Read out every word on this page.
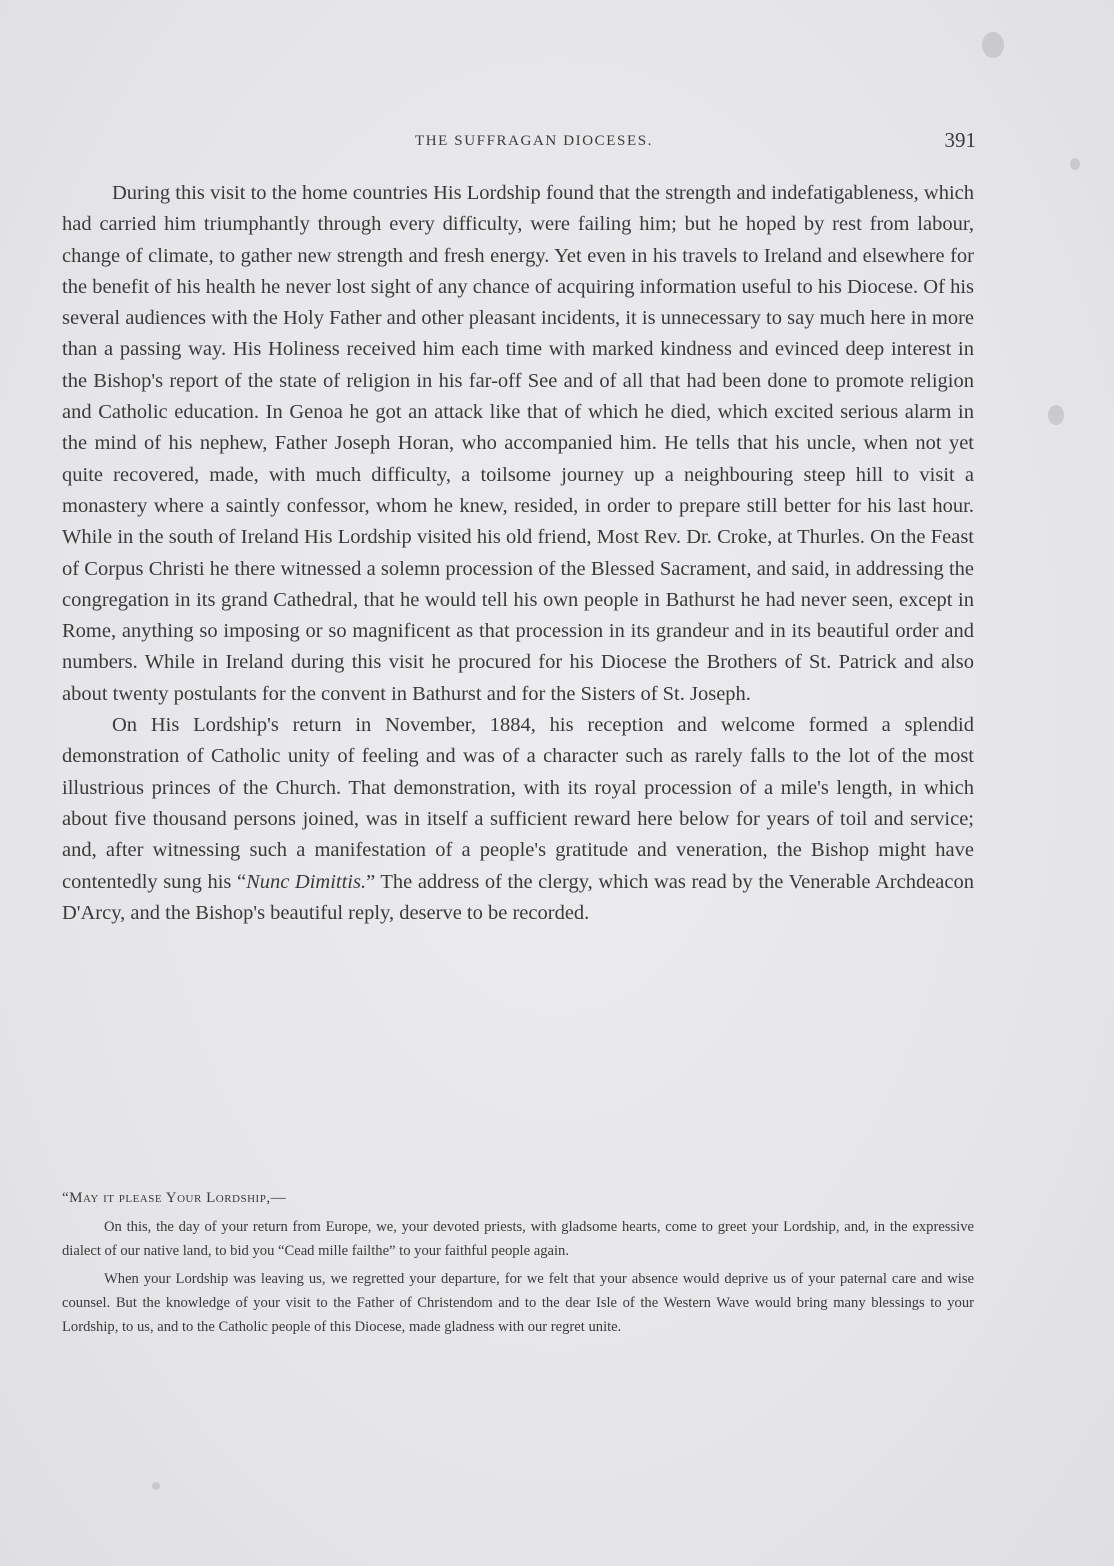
THE SUFFRAGAN DIOCESES.	391

During this visit to the home countries His Lordship found that the strength and indefatigableness, which had carried him triumphantly through every difficulty, were failing him; but he hoped by rest from labour, change of climate, to gather new strength and fresh energy. Yet even in his travels to Ireland and elsewhere for the benefit of his health he never lost sight of any chance of acquiring information useful to his Diocese. Of his several audiences with the Holy Father and other pleasant incidents, it is unnecessary to say much here in more than a passing way. His Holiness received him each time with marked kindness and evinced deep interest in the Bishop's report of the state of religion in his far-off See and of all that had been done to promote religion and Catholic education. In Genoa he got an attack like that of which he died, which excited serious alarm in the mind of his nephew, Father Joseph Horan, who accompanied him. He tells that his uncle, when not yet quite recovered, made, with much difficulty, a toilsome journey up a neighbouring steep hill to visit a monastery where a saintly confessor, whom he knew, resided, in order to prepare still better for his last hour. While in the south of Ireland His Lordship visited his old friend, Most Rev. Dr. Croke, at Thurles. On the Feast of Corpus Christi he there witnessed a solemn procession of the Blessed Sacrament, and said, in addressing the congregation in its grand Cathedral, that he would tell his own people in Bathurst he had never seen, except in Rome, anything so imposing or so magnificent as that procession in its grandeur and in its beautiful order and numbers. While in Ireland during this visit he procured for his Diocese the Brothers of St. Patrick and also about twenty postulants for the convent in Bathurst and for the Sisters of St. Joseph.

On His Lordship's return in November, 1884, his reception and welcome formed a splendid demonstration of Catholic unity of feeling and was of a character such as rarely falls to the lot of the most illustrious princes of the Church. That demonstration, with its royal procession of a mile's length, in which about five thousand persons joined, was in itself a sufficient reward here below for years of toil and service; and, after witnessing such a manifestation of a people's gratitude and veneration, the Bishop might have contentedly sung his “Nunc Dimittis.” The address of the clergy, which was read by the Venerable Archdeacon D'Arcy, and the Bishop's beautiful reply, deserve to be recorded.

“May it please Your Lordship,—

On this, the day of your return from Europe, we, your devoted priests, with gladsome hearts, come to greet your Lordship, and, in the expressive dialect of our native land, to bid you “Cead mille failthe” to your faithful people again.

When your Lordship was leaving us, we regretted your departure, for we felt that your absence would deprive us of your paternal care and wise counsel. But the knowledge of your visit to the Father of Christendom and to the dear Isle of the Western Wave would bring many blessings to your Lordship, to us, and to the Catholic people of this Diocese, made gladness with our regret unite.
